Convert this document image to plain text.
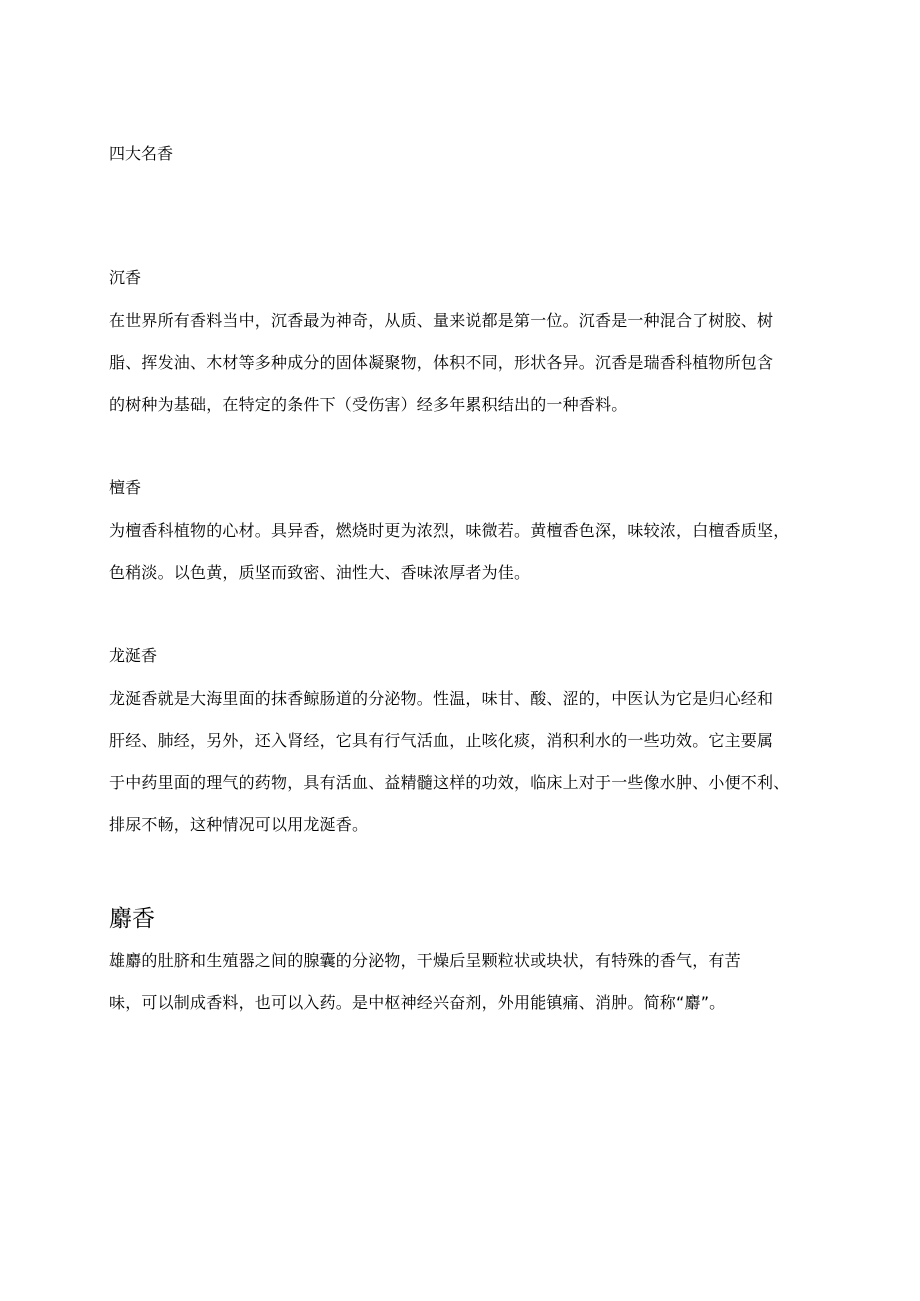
四大名香
沉香
在世界所有香料当中，沉香最为神奇，从质、量来说都是第一位。沉香是一种混合了树胶、树
脂、挥发油、木材等多种成分的固体凝聚物，体积不同，形状各异。沉香是瑞香科植物所包含
的树种为基础，在特定的条件下（受伤害）经多年累积结出的一种香料。
檀香
为檀香科植物的心材。具异香，燃烧时更为浓烈，味微若。黄檀香色深，味较浓，白檀香质坚，
色稍淡。以色黄，质坚而致密、油性大、香味浓厚者为佳。
龙涎香
龙涎香就是大海里面的抹香鲸肠道的分泌物。性温，味甘、酸、涩的，中医认为它是归心经和
肝经、肺经，另外，还入肾经，它具有行气活血，止咳化痰，消积利水的一些功效。它主要属
于中药里面的理气的药物，具有活血、益精髓这样的功效，临床上对于一些像水肿、小便不利、
排尿不畅，这种情况可以用龙涎香。
麝香
雄麝的肚脐和生殖器之间的腺囊的分泌物，干燥后呈颗粒状或块状，有特殊的香气，有苦
味，可以制成香料，也可以入药。是中枢神经兴奋剂，外用能镇痛、消肿。简称“麝”。
